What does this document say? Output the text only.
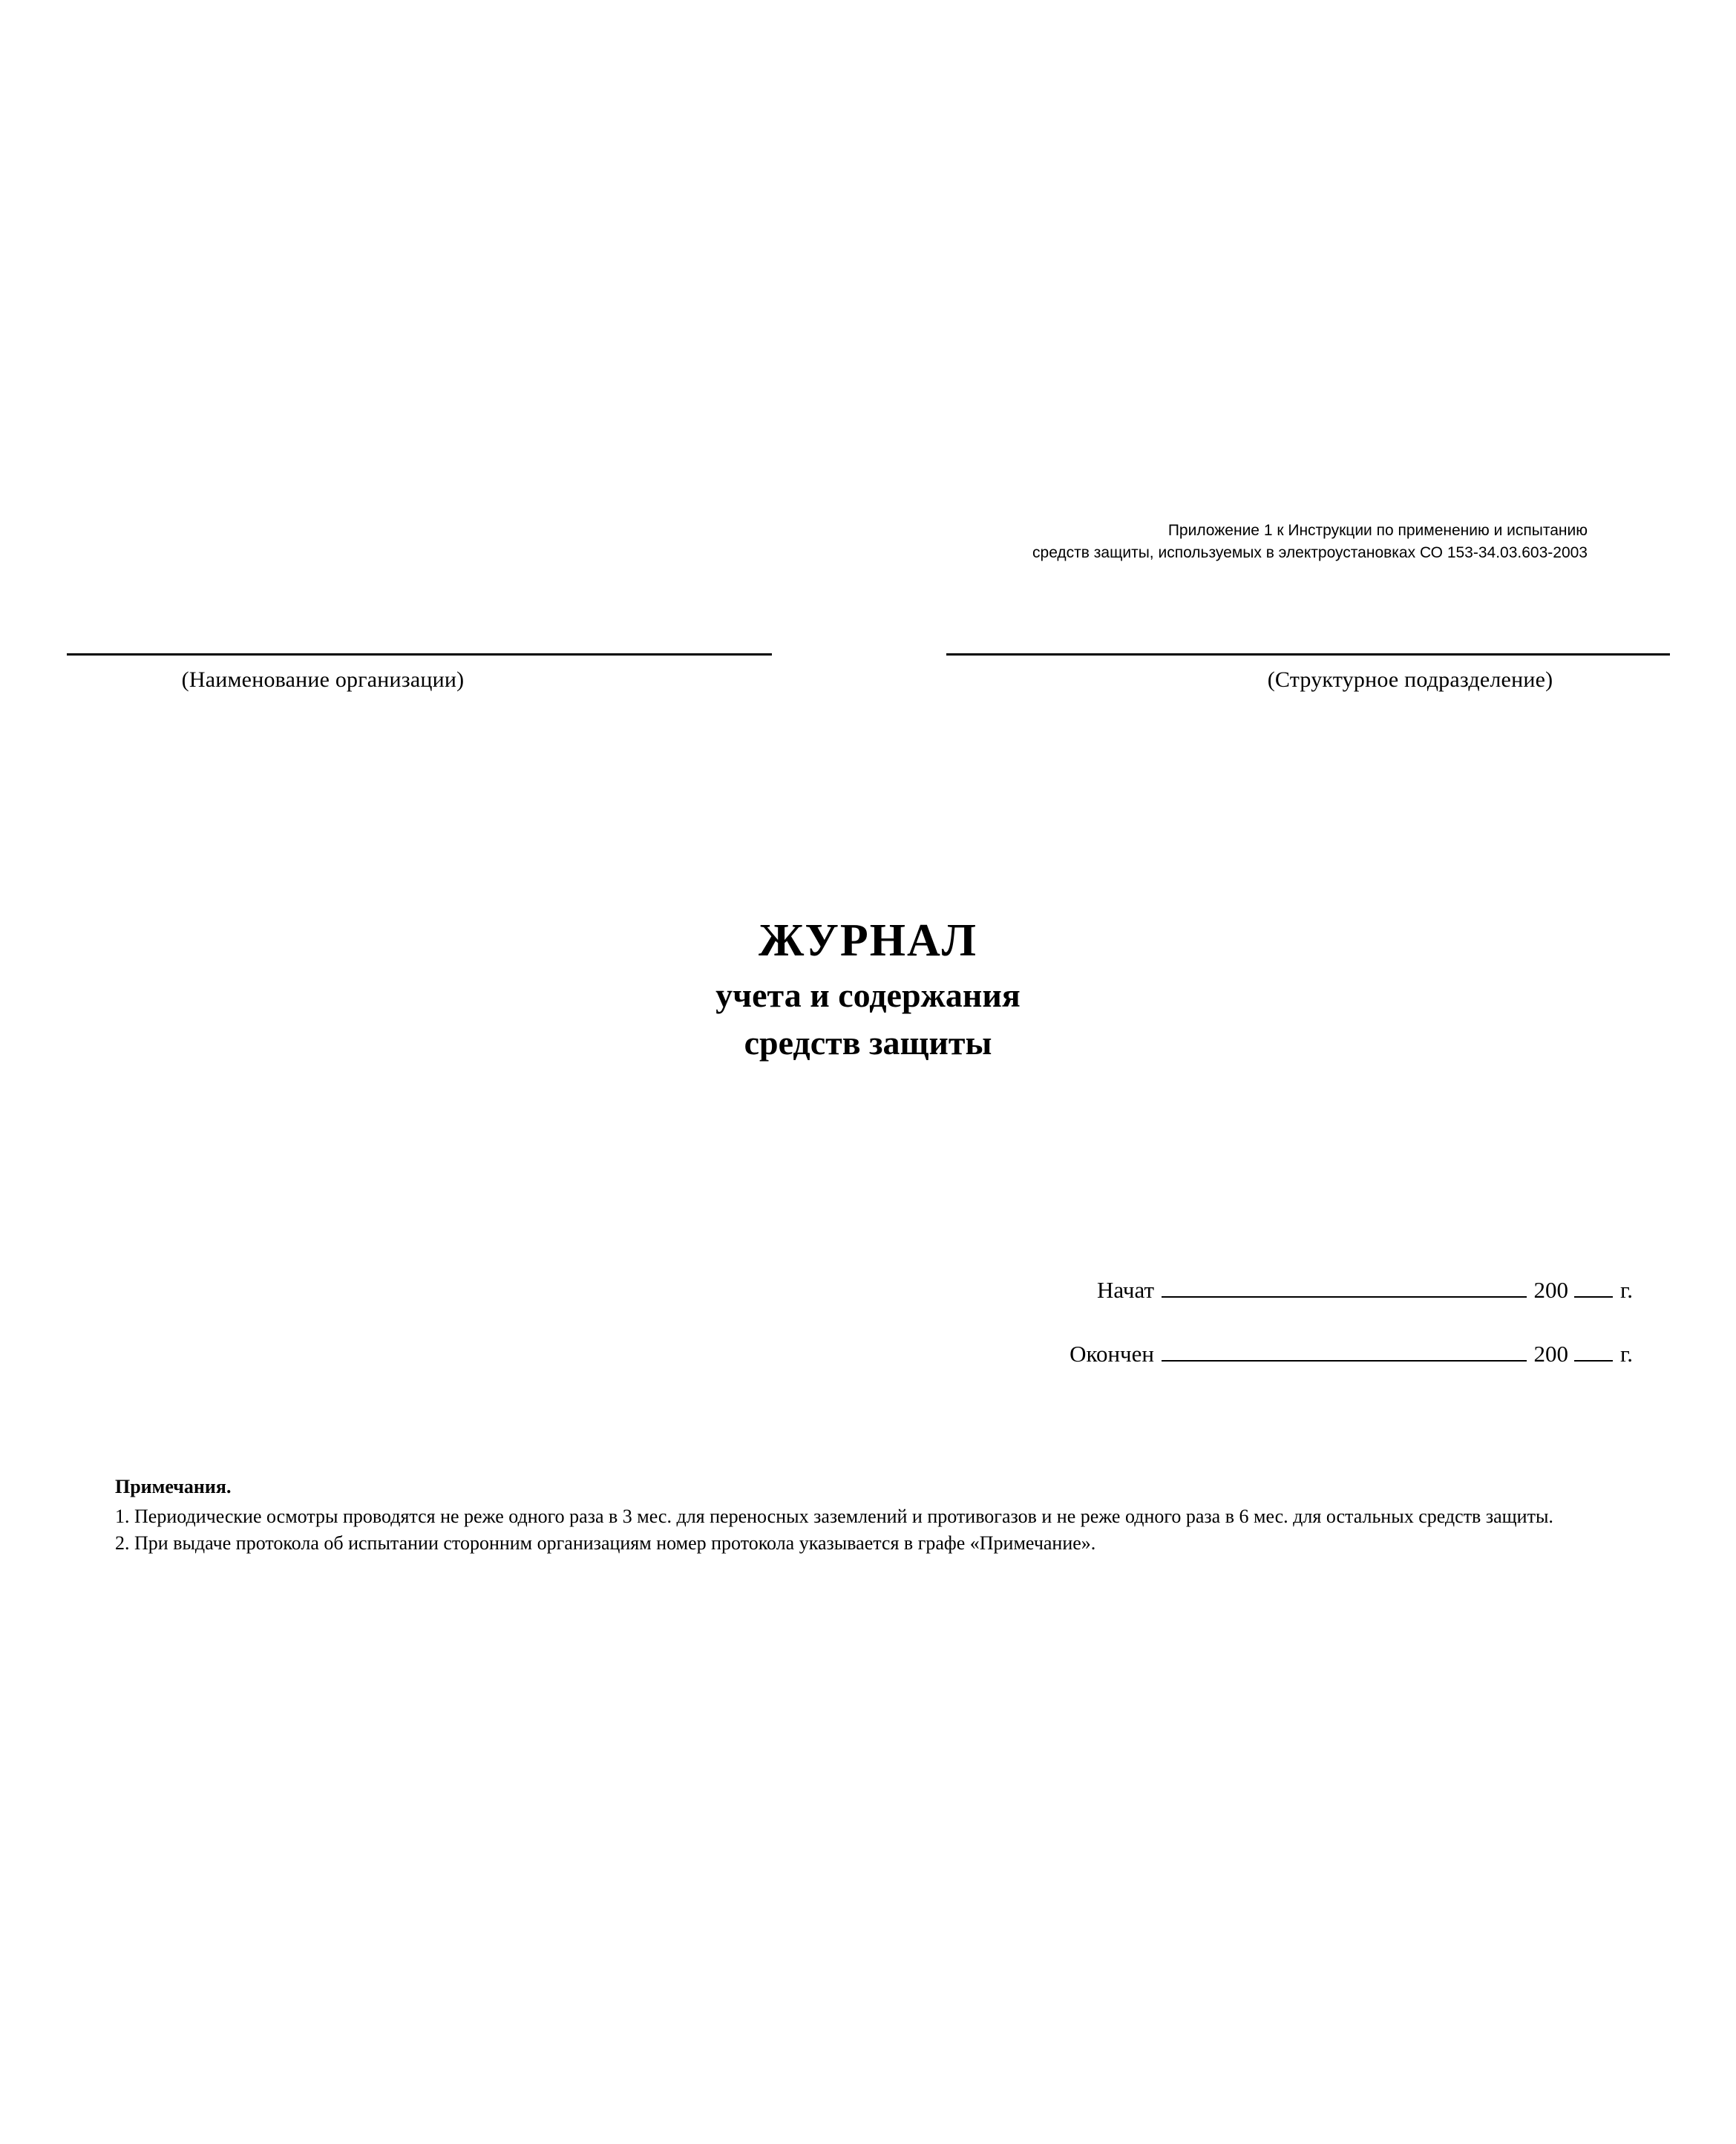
Приложение 1 к Инструкции по применению и испытанию
средств защиты, используемых в электроустановках СО 153-34.03.603-2003
(Наименование организации)	(Структурное подразделение)
ЖУРНАЛ
учета и содержания
средств защиты
Начат	200 г.
Окончен	200 г.
Примечания.
1. Периодические осмотры проводятся не реже одного раза в 3 мес. для переносных заземлений и противогазов и не реже одного раза в 6 мес. для остальных средств защиты.
2. При выдаче протокола об испытании сторонним организациям номер протокола указывается в графе «Примечание».
